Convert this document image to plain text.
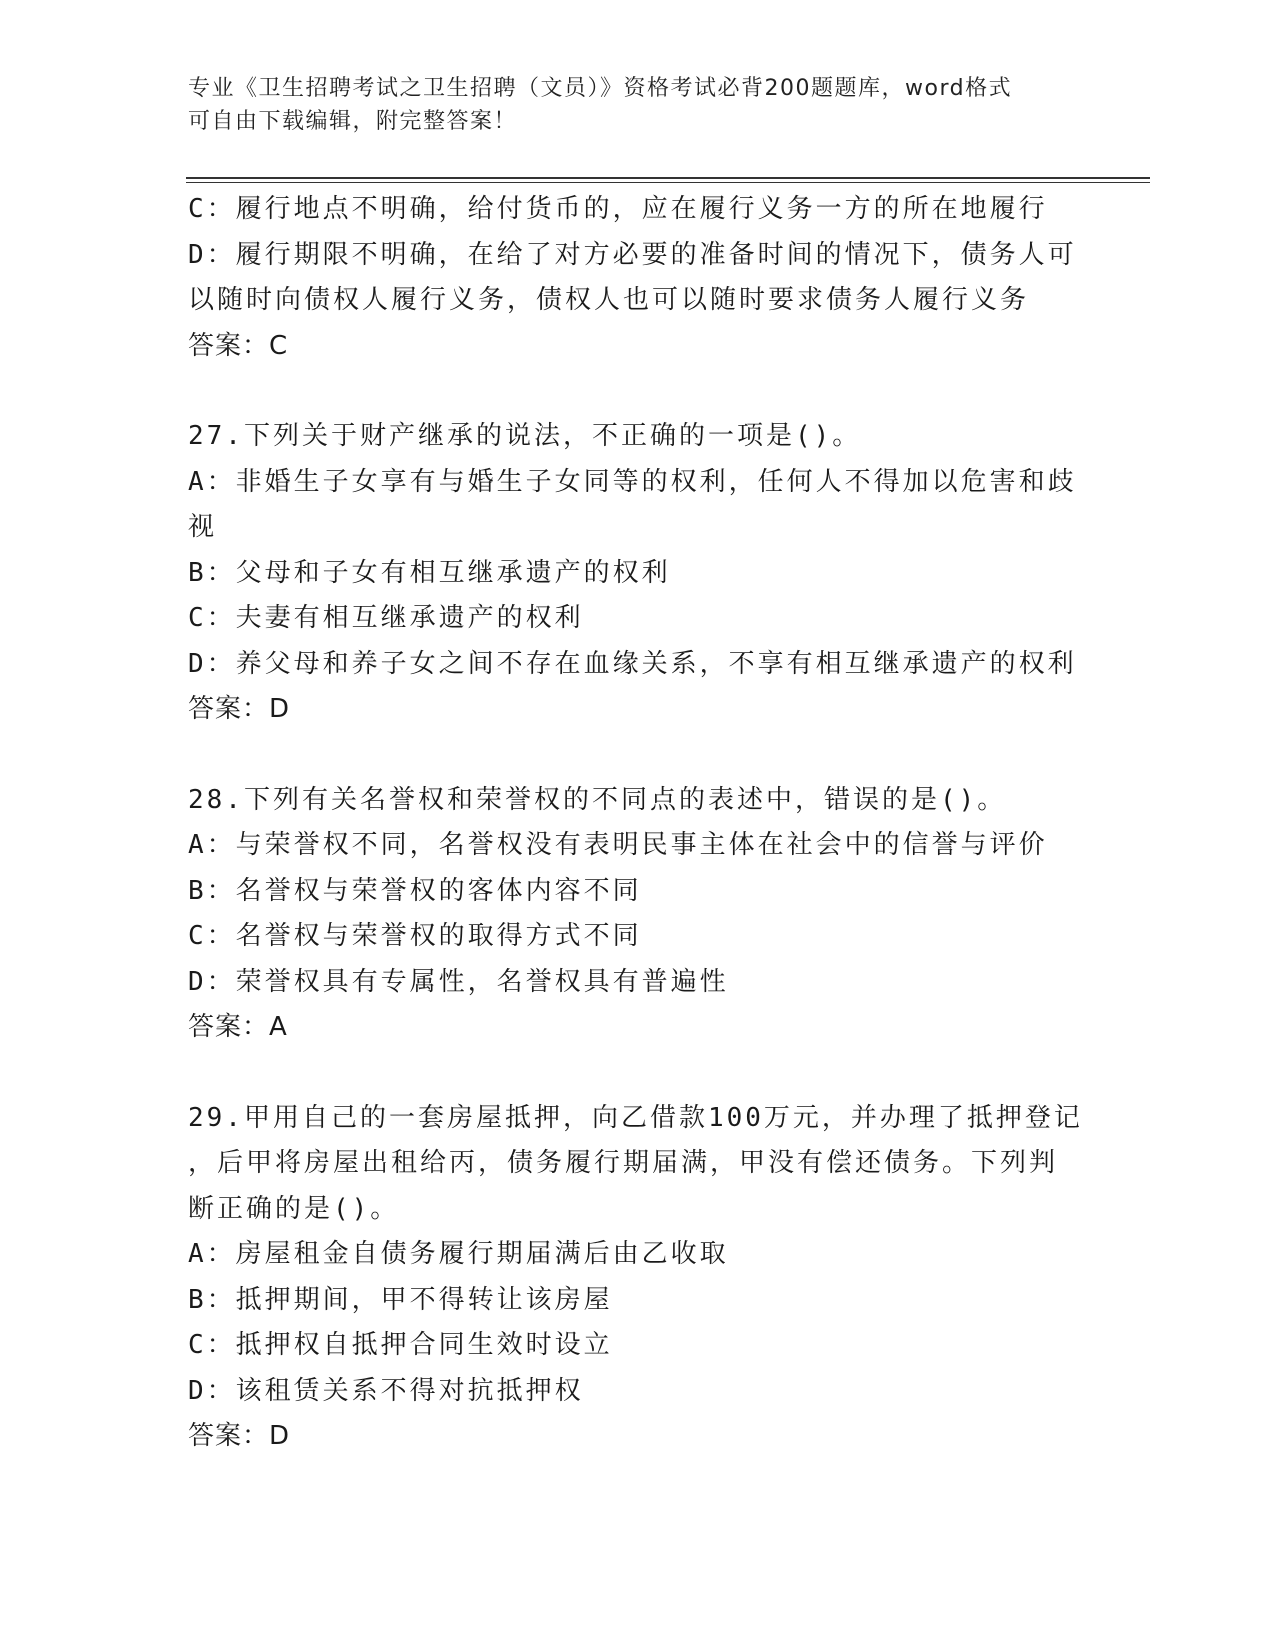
专业《卫生招聘考试之卫生招聘（文员）》资格考试必背200题题库，word格式
可自由下载编辑，附完整答案！
C：履行地点不明确，给付货币的，应在履行义务一方的所在地履行
D：履行期限不明确，在给了对方必要的准备时间的情况下，债务人可
以随时向债权人履行义务，债权人也可以随时要求债务人履行义务
答案：C
27.下列关于财产继承的说法，不正确的一项是()。
A：非婚生子女享有与婚生子女同等的权利，任何人不得加以危害和歧
视
B：父母和子女有相互继承遗产的权利
C：夫妻有相互继承遗产的权利
D：养父母和养子女之间不存在血缘关系，不享有相互继承遗产的权利
答案：D
28.下列有关名誉权和荣誉权的不同点的表述中，错误的是()。
A：与荣誉权不同，名誉权没有表明民事主体在社会中的信誉与评价
B：名誉权与荣誉权的客体内容不同
C：名誉权与荣誉权的取得方式不同
D：荣誉权具有专属性，名誉权具有普遍性
答案：A
29.甲用自己的一套房屋抵押，向乙借款100万元，并办理了抵押登记
，后甲将房屋出租给丙，债务履行期届满，甲没有偿还债务。下列判
断正确的是()。
A：房屋租金自债务履行期届满后由乙收取
B：抵押期间，甲不得转让该房屋
C：抵押权自抵押合同生效时设立
D：该租赁关系不得对抗抵押权
答案：D
